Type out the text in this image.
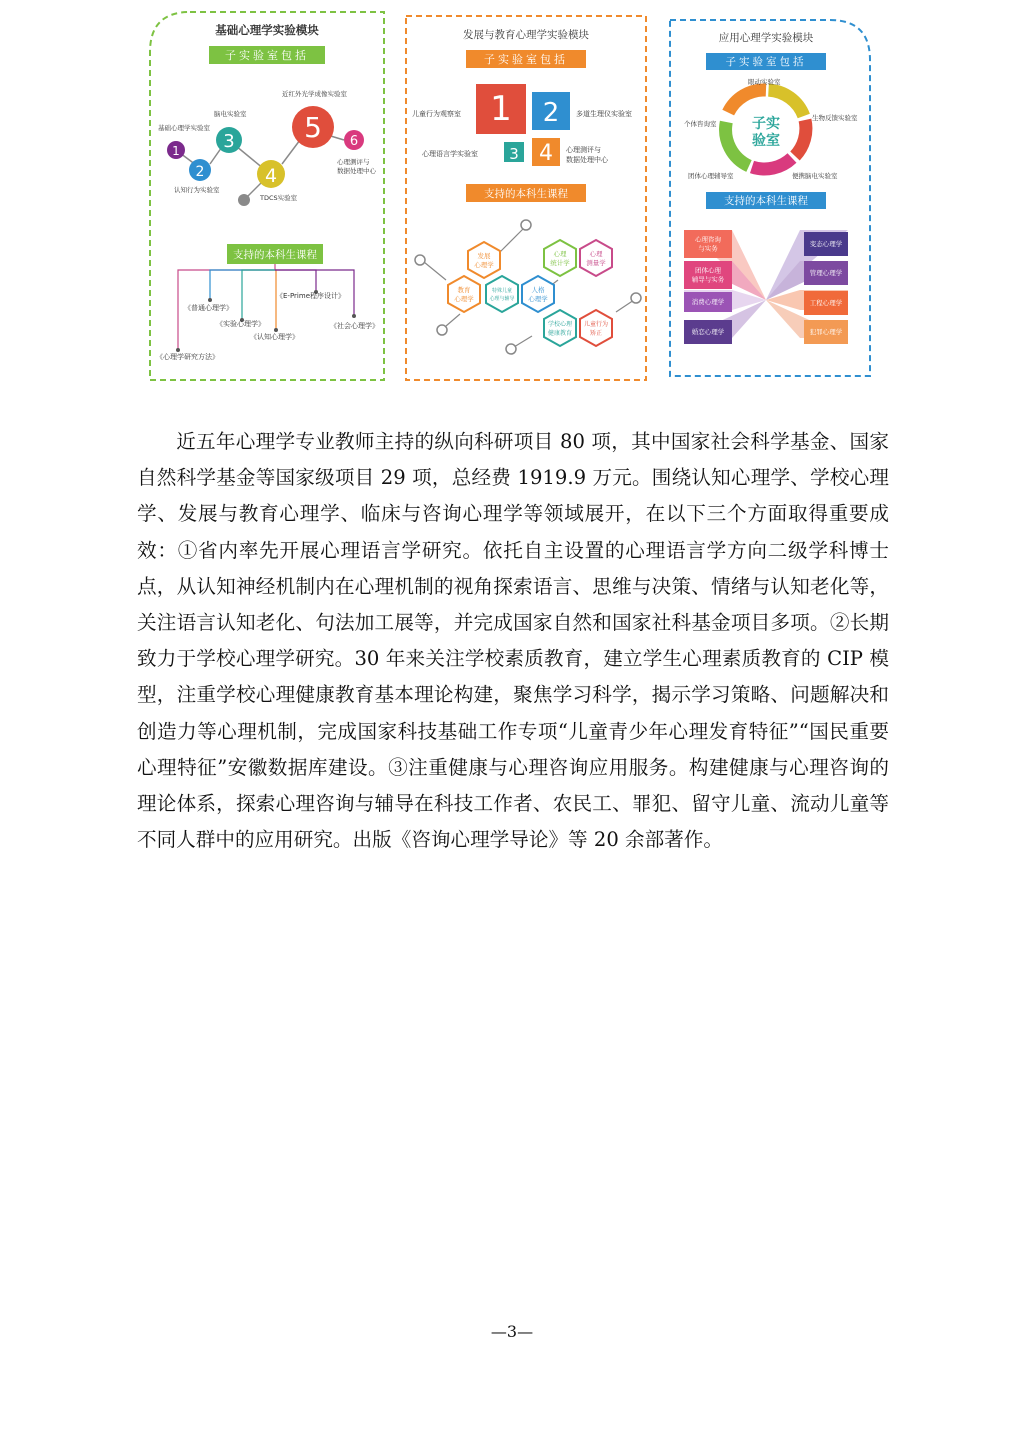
基础心理学实验模块
子实验室包括
1
2
3
4
5 6
基础心理学实验室
认知行为实验室
脑电实验室
TDCS实验室
近红外光学成像实验室
心理测评与
数据处理中心
支持的本科生课程
《普通心理学》
《实验心理学》
《认知心理学》
《E-Prime程序设计》
《社会心理学》
《心理学研究方法》
发展与教育心理学实验模块
子实验室包括
1 2
3 4
儿童行为观察室	多道生理仪实验室
心理语言学实验室	心理测评与
数据处理中心
支持的本科生课程
发展
心理学
心理
统计学
心理
测量学
教育
心理学
特殊儿童
心理与辅导
人格
心理学
学校心理
健康教育
儿童行为
矫正
应用心理学实验模块
子实验室包括
子实
验室
眼动实验室
生物反馈实验室
个体咨询室
团体心理辅导室	便携脑电实验室
支持的本科生课程
心理咨询
与实务
团体心理
辅导与实务
消费心理学
婚恋心理学
变态心理学
管理心理学
工程心理学
犯罪心理学

近五年心理学专业教师主持的纵向科研项目 80 项，其中国家社会科学基金、国家自然科学基金等国家级项目 29 项，总经费 1919.9 万元。围绕认知心理学、学校心理学、发展与教育心理学、临床与咨询心理学等领域展开，在以下三个方面取得重要成效：①省内率先开展心理语言学研究。依托自主设置的心理语言学方向二级学科博士点，从认知神经机制内在心理机制的视角探索语言、思维与决策、情绪与认知老化等，关注语言认知老化、句法加工展等，并完成国家自然和国家社科基金项目多项。②长期致力于学校心理学研究。30 年来关注学校素质教育，建立学生心理素质教育的 CIP 模型，注重学校心理健康教育基本理论构建，聚焦学习科学，揭示学习策略、问题解决和创造力等心理机制，完成国家科技基础工作专项“儿童青少年心理发育特征”“国民重要心理特征”安徽数据库建设。③注重健康与心理咨询应用服务。构建健康与心理咨询的理论体系，探索心理咨询与辅导在科技工作者、农民工、罪犯、留守儿童、流动儿童等不同人群中的应用研究。出版《咨询心理学导论》等 20 余部著作。

—3—
